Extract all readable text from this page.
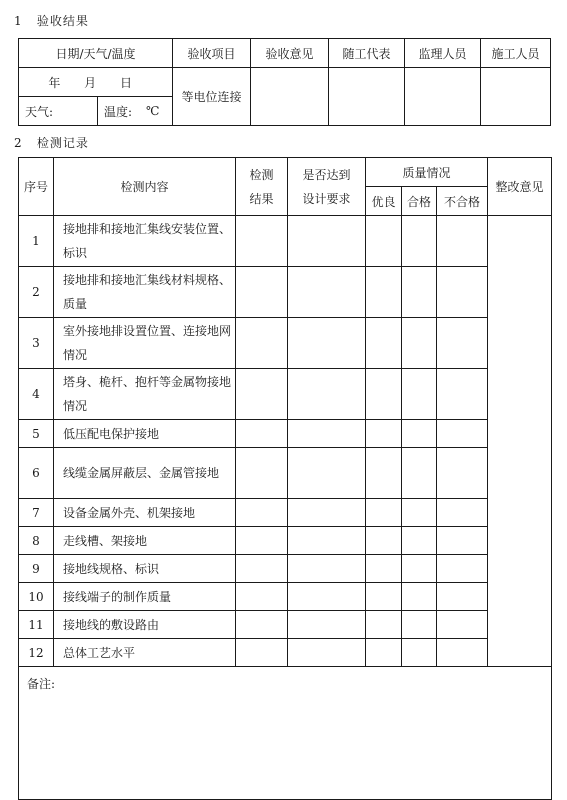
1 验收结果
日期/天气/温度	验收项目	验收意见	随工代表	监理人员	施工人员
年 月 日	等电位连接				
天气: 温度: ℃					
2 检测记录
序号	检测内容	检测结果	是否达到设计要求	质量情况			整改意见
				优良	合格	不合格	
1	接地排和接地汇集线安装位置、标识						
2	接地排和接地汇集线材料规格、质量						
3	室外接地排设置位置、连接地网情况						
4	塔身、桅杆、抱杆等金属物接地情况						
5	低压配电保护接地						
6	线缆金属屏蔽层、金属管接地						
7	设备金属外壳、机架接地						
8	走线槽、架接地						
9	接地线规格、标识						
10	接线端子的制作质量						
11	接地线的敷设路由						
12	总体工艺水平						
备注:							
